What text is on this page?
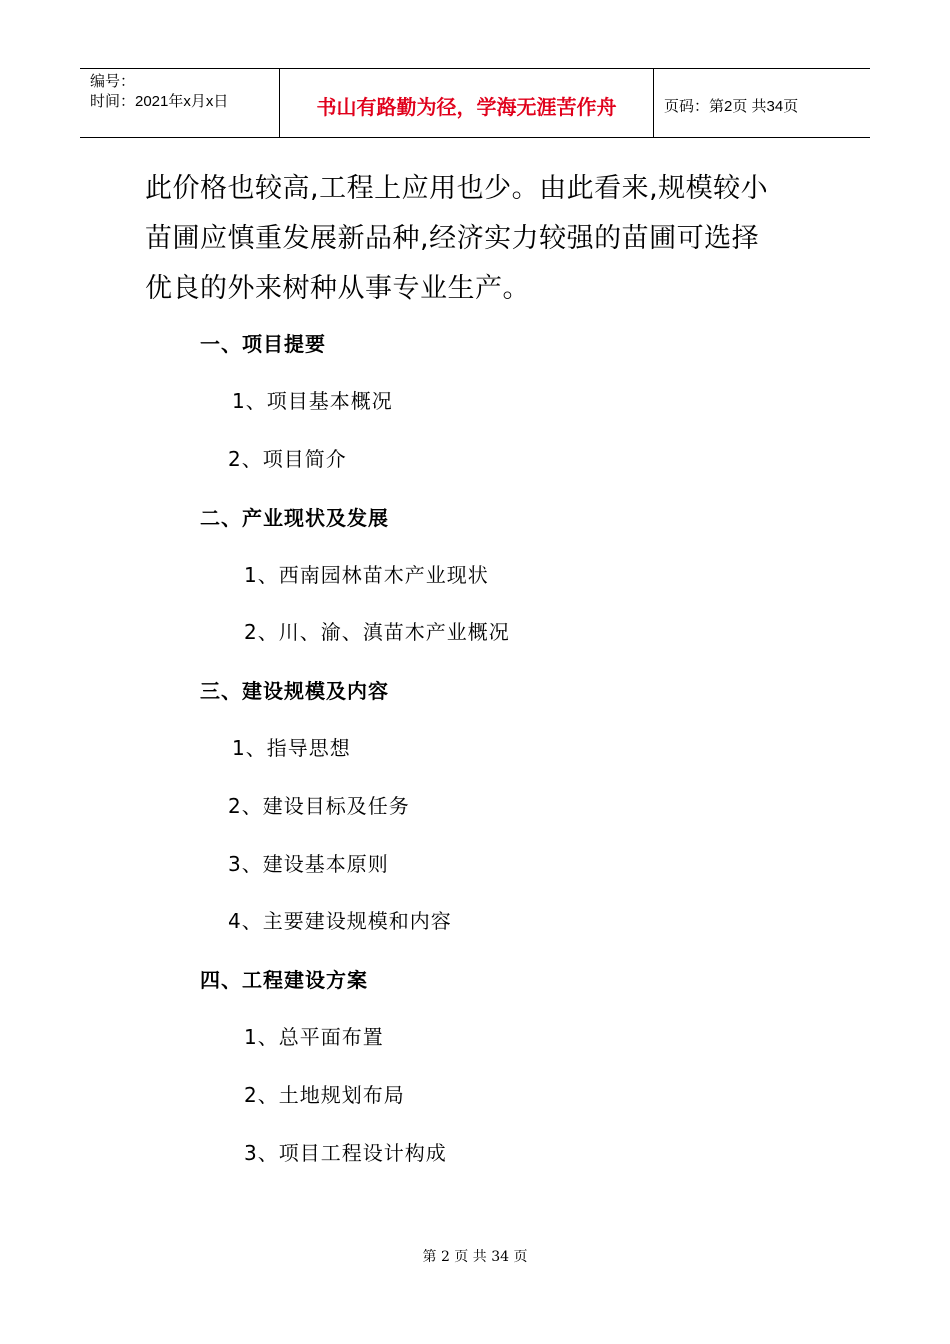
编号：
时间：2021年x月x日	书山有路勤为径，学海无涯苦作舟	页码：第2页 共34页
此价格也较高,工程上应用也少。由此看来,规模较小
苗圃应慎重发展新品种,经济实力较强的苗圃可选择
优良的外来树种从事专业生产。
一、项目提要
1、项目基本概况
2、项目简介
二、产业现状及发展
1、西南园林苗木产业现状
2、川、渝、滇苗木产业概况
三、建设规模及内容
1、指导思想
2、建设目标及任务
3、建设基本原则
4、主要建设规模和内容
四、工程建设方案
1、总平面布置
2、土地规划布局
3、项目工程设计构成
第 2 页 共 34 页
